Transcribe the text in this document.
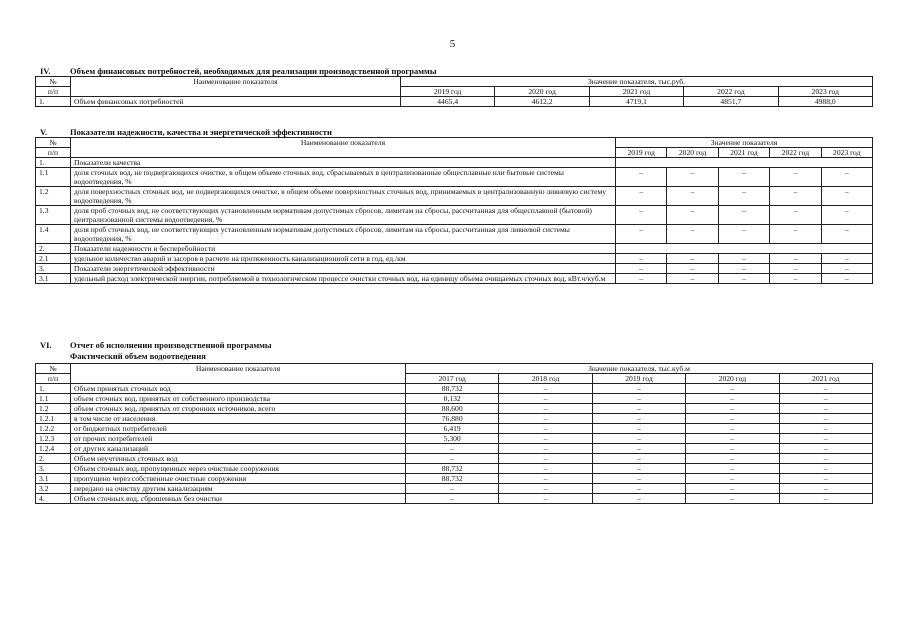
5
IV. Объем финансовых потребностей, необходимых для реализации производственной программы
№	Наименование показателя	Значение показателя, тыс.руб.				
п/п		2019 год	2020 год	2021 год	2022 год	2023 год
1.	Объем финансовых потребностей	4465,4	4612,2	4719,1	4851,7	4988,0
V.	Показатели надежности, качества и энергетической эффективности
№	Наименование показателя	Значение показателя				
п/п		2019 год	2020 год	2021 год	2022 год	2023 год
1.	Показатели качества					
1.1	доля сточных вод, не подвергающихся очистке, в общем объеме сточных вод, сбрасываемых в централизованные общесплавные или бытовые системы водоотведения, %	–	–	–	–	–
1.2	доля поверхностных сточных вод, не подвергающихся очистке, в общем объеме поверхностных сточных вод, принимаемых в централизованную ливневую систему водоотведения, %	–	–	–	–	–
1.3	доля проб сточных вод, не соответствующих установленным нормативам допустимых сбросов, лимитам на сбросы, рассчитанная для общесплавной (бытовой) централизованной системы водоотведения, %	–	–	–	–	–
1.4	доля проб сточных вод, не соответствующих установленным нормативам допустимых сбросов, лимитам на сбросы, рассчитанная для ливневой системы водоотведения, %	–	–	–	–	–
2.	Показатели надежности и бесперебойности					
2.1	удельное количество аварий и засоров в расчете на протяженность канализационной сети в год, ед./км	–	–	–	–	–
3.	Показатели энергетической эффективности	–	–	–	–	–
3.1	удельный расход электрической энергии, потребляемой в технологическом процессе очистки сточных вод, на единицу объема очищаемых сточных вод, кВт.ч/куб.м	–	–	–	–	–
VI. Отчет об исполнении производственной программы
Фактический объем водоотведения
№	Наименование показателя	Значение показателя, тыс.куб.м				
п/п		2017 год	2018 год	2019 год	2020 год	2021 год
1.	Объем принятых сточных вод	88,732	–	–	–	–
1.1	объем сточных вод, принятых от собственного производства	0,132	–	–	–	–
1.2	объем сточных вод, принятых от сторонних источников, всего	88,600	–	–	–	–
1.2.1	в том числе от населения	76,880	–	–	–	–
1.2.2	от бюджетных потребителей	6,419	–	–	–	–
1.2.3	от прочих потребителей	5,300	–	–	–	–
1.2.4	от других канализаций	–	–	–	–	–
2.	Объем неучтенных сточных вод	–	–	–	–	–
3.	Объем сточных вод, пропущенных через очистные сооружения	88,732	–	–	–	–
3.1	пропущено через собственные очистные сооружения	88,732	–	–	–	–
3.2	передано на очистку другим канализациям	–	–	–	–	–
4.	Объем сточных вод, сброшенных без очистки	–	–	–	–	–
